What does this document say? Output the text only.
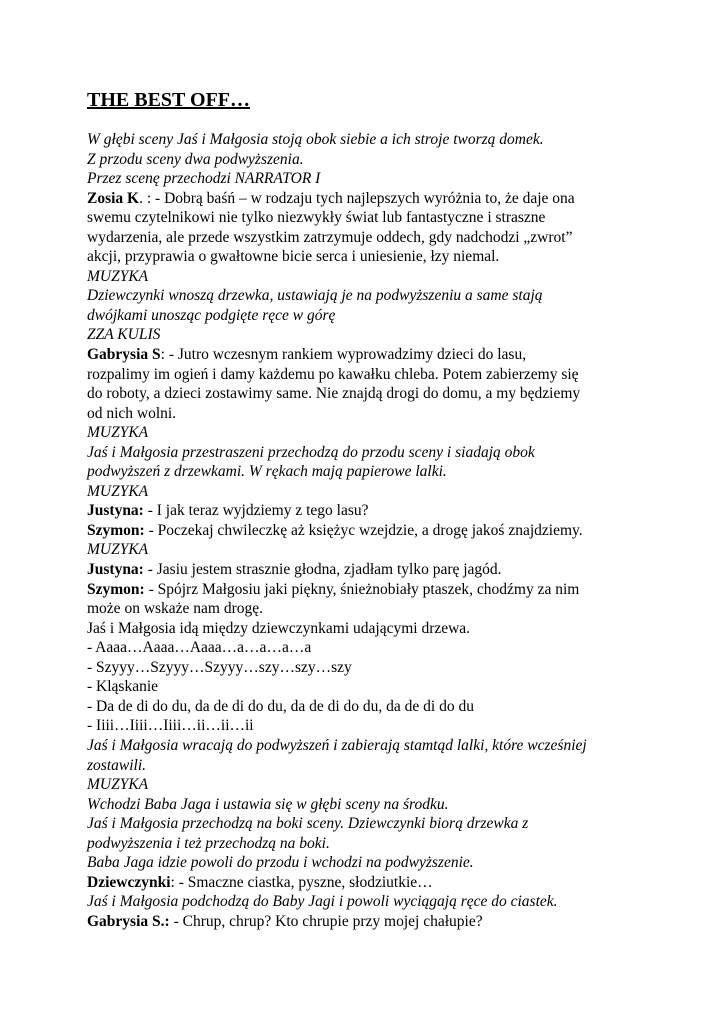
THE BEST OFF…
W głębi sceny Jaś i Małgosia stoją obok siebie a ich stroje tworzą domek.
Z przodu sceny dwa podwyższenia.
Przez scenę przechodzi NARRATOR I
Zosia K. : - Dobrą baśń – w rodzaju tych najlepszych wyróżnia to, że daje ona
swemu czytelnikowi nie tylko niezwykły świat lub fantastyczne i straszne
wydarzenia, ale przede wszystkim zatrzymuje oddech, gdy nadchodzi „zwrot”
akcji, przyprawia o gwałtowne bicie serca i uniesienie, łzy niemal.
MUZYKA
Dziewczynki wnoszą drzewka, ustawiają je na podwyższeniu a same stają
dwójkami unosząc podgięte ręce w górę
ZZA KULIS
Gabrysia S: - Jutro wczesnym rankiem wyprowadzimy dzieci do lasu,
rozpalimy im ogień i damy każdemu po kawałku chleba. Potem zabierzemy się
do roboty, a dzieci zostawimy same. Nie znajdą drogi do domu, a my będziemy
od nich wolni.
MUZYKA
Jaś i Małgosia przestraszeni przechodzą do przodu sceny i siadają obok
podwyższeń z drzewkami. W rękach mają papierowe lalki.
MUZYKA
Justyna: - I jak teraz wyjdziemy z tego lasu?
Szymon: - Poczekaj chwileczkę aż księżyc wzejdzie, a drogę jakoś znajdziemy.
MUZYKA
Justyna: - Jasiu jestem strasznie głodna, zjadłam tylko parę jagód.
Szymon: - Spójrz Małgosiu jaki piękny, śnieżnobiały ptaszek, chodźmy za nim
może on wskaże nam drogę.
Jaś i Małgosia idą między dziewczynkami udającymi drzewa.
- Aaaa…Aaaa…Aaaa…a…a…a…a
- Szyyy…Szyyy…Szyyy…szy…szy…szy
- Kląskanie
- Da de di do du, da de di do du, da de di do du, da de di do du
- Iiii…Iiii…Iiii…ii…ii…ii
Jaś i Małgosia wracają do podwyższeń i zabierają stamtąd lalki, które wcześniej
zostawili.
MUZYKA
Wchodzi Baba Jaga i ustawia się w głębi sceny na środku.
Jaś i Małgosia przechodzą na boki sceny. Dziewczynki biorą drzewka z
podwyższenia i też przechodzą na boki.
Baba Jaga idzie powoli do przodu i wchodzi na podwyższenie.
Dziewczynki: - Smaczne ciastka, pyszne, słodziutkie…
Jaś i Małgosia podchodzą do Baby Jagi i powoli wyciągają ręce do ciastek.
Gabrysia S.: - Chrup, chrup? Kto chrupie przy mojej chałupie?
